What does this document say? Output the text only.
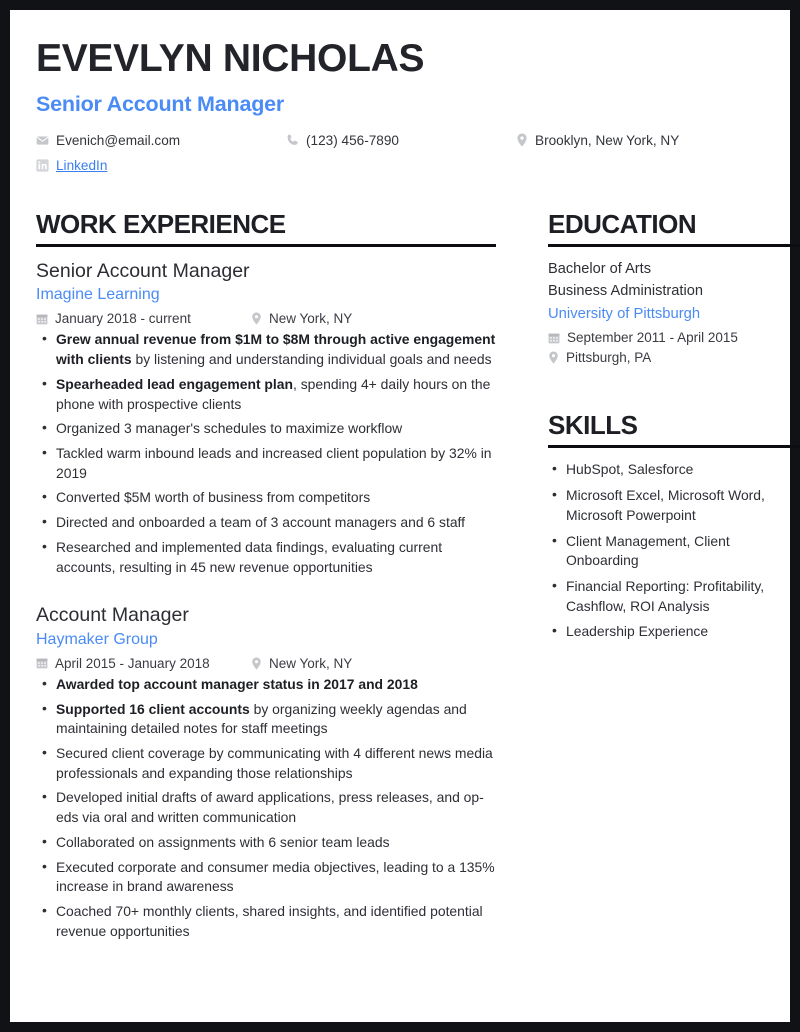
EVEVLYN NICHOLAS
Senior Account Manager
Evenich@email.com	(123) 456-7890	Brooklyn, New York, NY
LinkedIn
WORK EXPERIENCE
Senior Account Manager
Imagine Learning
January 2018 - current	New York, NY
• Grew annual revenue from $1M to $8M through active engagement with clients by listening and understanding individual goals and needs
• Spearheaded lead engagement plan, spending 4+ daily hours on the phone with prospective clients
• Organized 3 manager's schedules to maximize workflow
• Tackled warm inbound leads and increased client population by 32% in 2019
• Converted $5M worth of business from competitors
• Directed and onboarded a team of 3 account managers and 6 staff
• Researched and implemented data findings, evaluating current accounts, resulting in 45 new revenue opportunities
Account Manager
Haymaker Group
April 2015 - January 2018	New York, NY
• Awarded top account manager status in 2017 and 2018
• Supported 16 client accounts by organizing weekly agendas and maintaining detailed notes for staff meetings
• Secured client coverage by communicating with 4 different news media professionals and expanding those relationships
• Developed initial drafts of award applications, press releases, and op-eds via oral and written communication
• Collaborated on assignments with 6 senior team leads
• Executed corporate and consumer media objectives, leading to a 135% increase in brand awareness
• Coached 70+ monthly clients, shared insights, and identified potential revenue opportunities
EDUCATION
Bachelor of Arts
Business Administration
University of Pittsburgh
September 2011 - April 2015
Pittsburgh, PA
SKILLS
• HubSpot, Salesforce
• Microsoft Excel, Microsoft Word, Microsoft Powerpoint
• Client Management, Client Onboarding
• Financial Reporting: Profitability, Cashflow, ROI Analysis
• Leadership Experience
